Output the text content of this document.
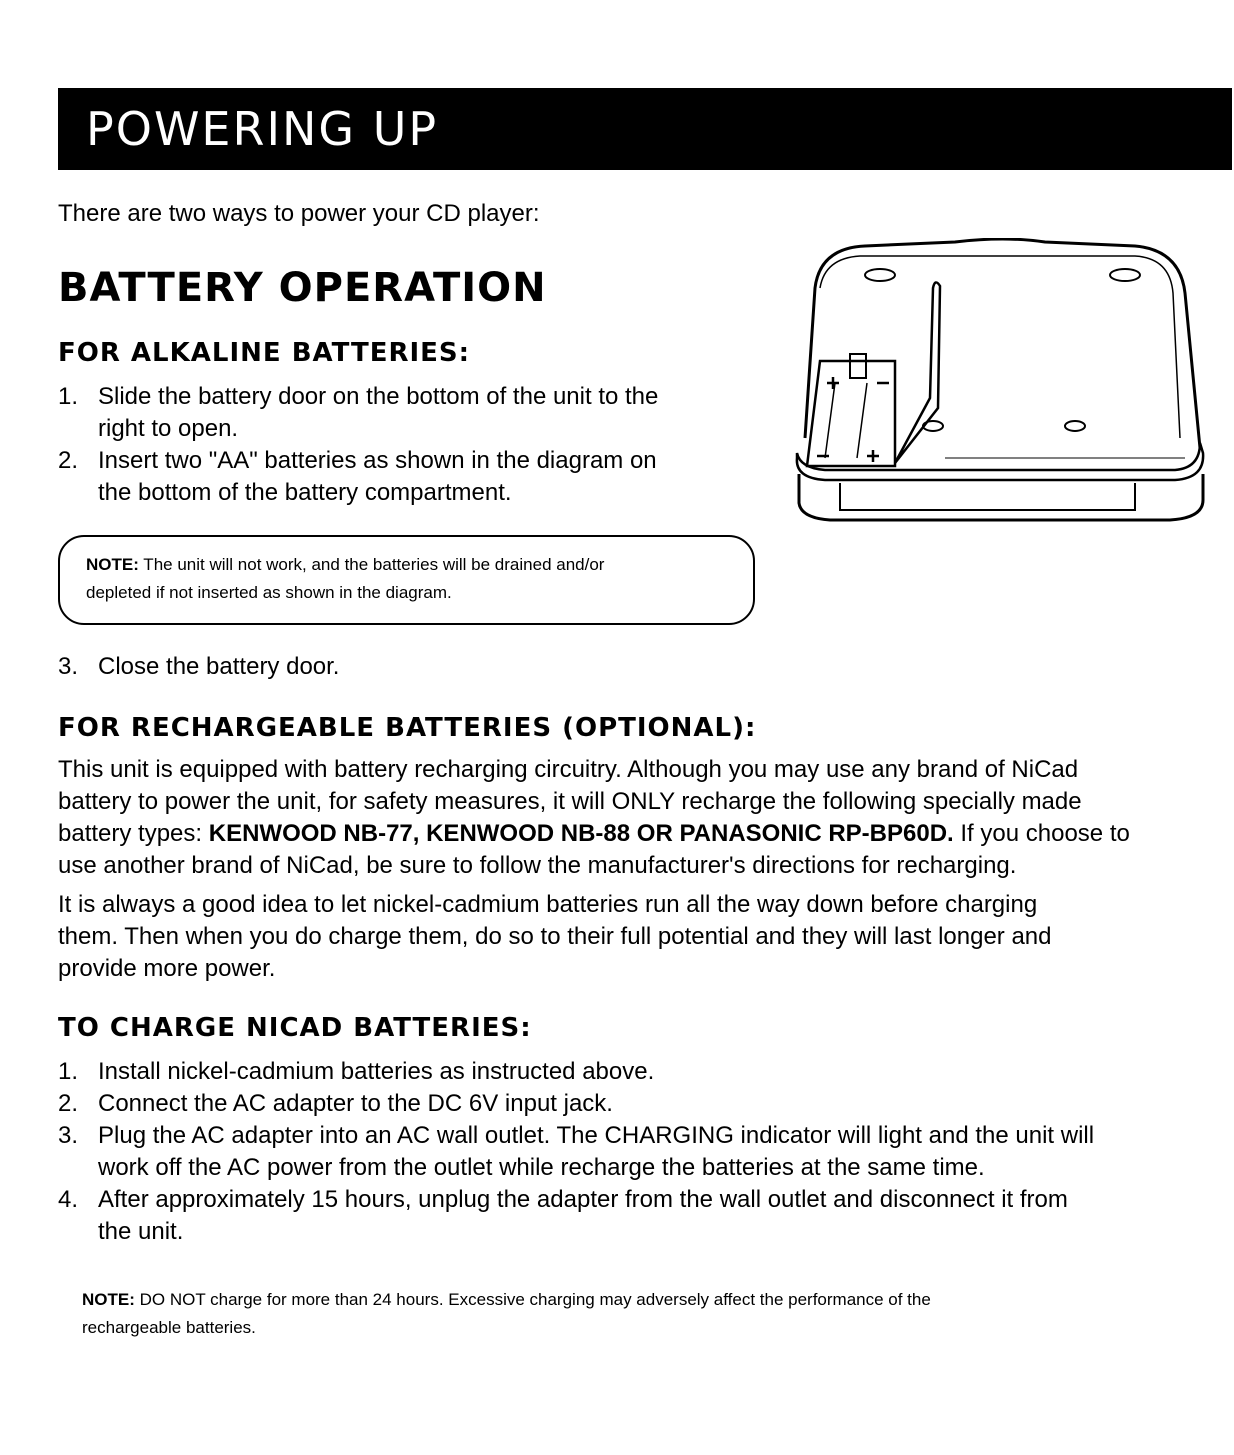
POWERING UP
There are two ways to power your CD player:
BATTERY OPERATION
FOR ALKALINE BATTERIES:
1. Slide the battery door on the bottom of the unit to the
right to open.
2. Insert two "AA" batteries as shown in the diagram on
the bottom of the battery compartment.
NOTE: The unit will not work, and the batteries will be drained and/or
depleted if not inserted as shown in the diagram.
3. Close the battery door.
FOR RECHARGEABLE BATTERIES (OPTIONAL):
This unit is equipped with battery recharging circuitry. Although you may use any brand of NiCad
battery to power the unit, for safety measures, it will ONLY recharge the following specially made
battery types: KENWOOD NB-77, KENWOOD NB-88 OR PANASONIC RP-BP60D. If you choose to
use another brand of NiCad, be sure to follow the manufacturer's directions for recharging.
It is always a good idea to let nickel-cadmium batteries run all the way down before charging
them. Then when you do charge them, do so to their full potential and they will last longer and
provide more power.
TO CHARGE NICAD BATTERIES:
1. Install nickel-cadmium batteries as instructed above.
2. Connect the AC adapter to the DC 6V input jack.
3. Plug the AC adapter into an AC wall outlet. The CHARGING indicator will light and the unit will
work off the AC power from the outlet while recharge the batteries at the same time.
4. After approximately 15 hours, unplug the adapter from the wall outlet and disconnect it from
the unit.
NOTE: DO NOT charge for more than 24 hours. Excessive charging may adversely affect the performance of the
rechargeable batteries.
